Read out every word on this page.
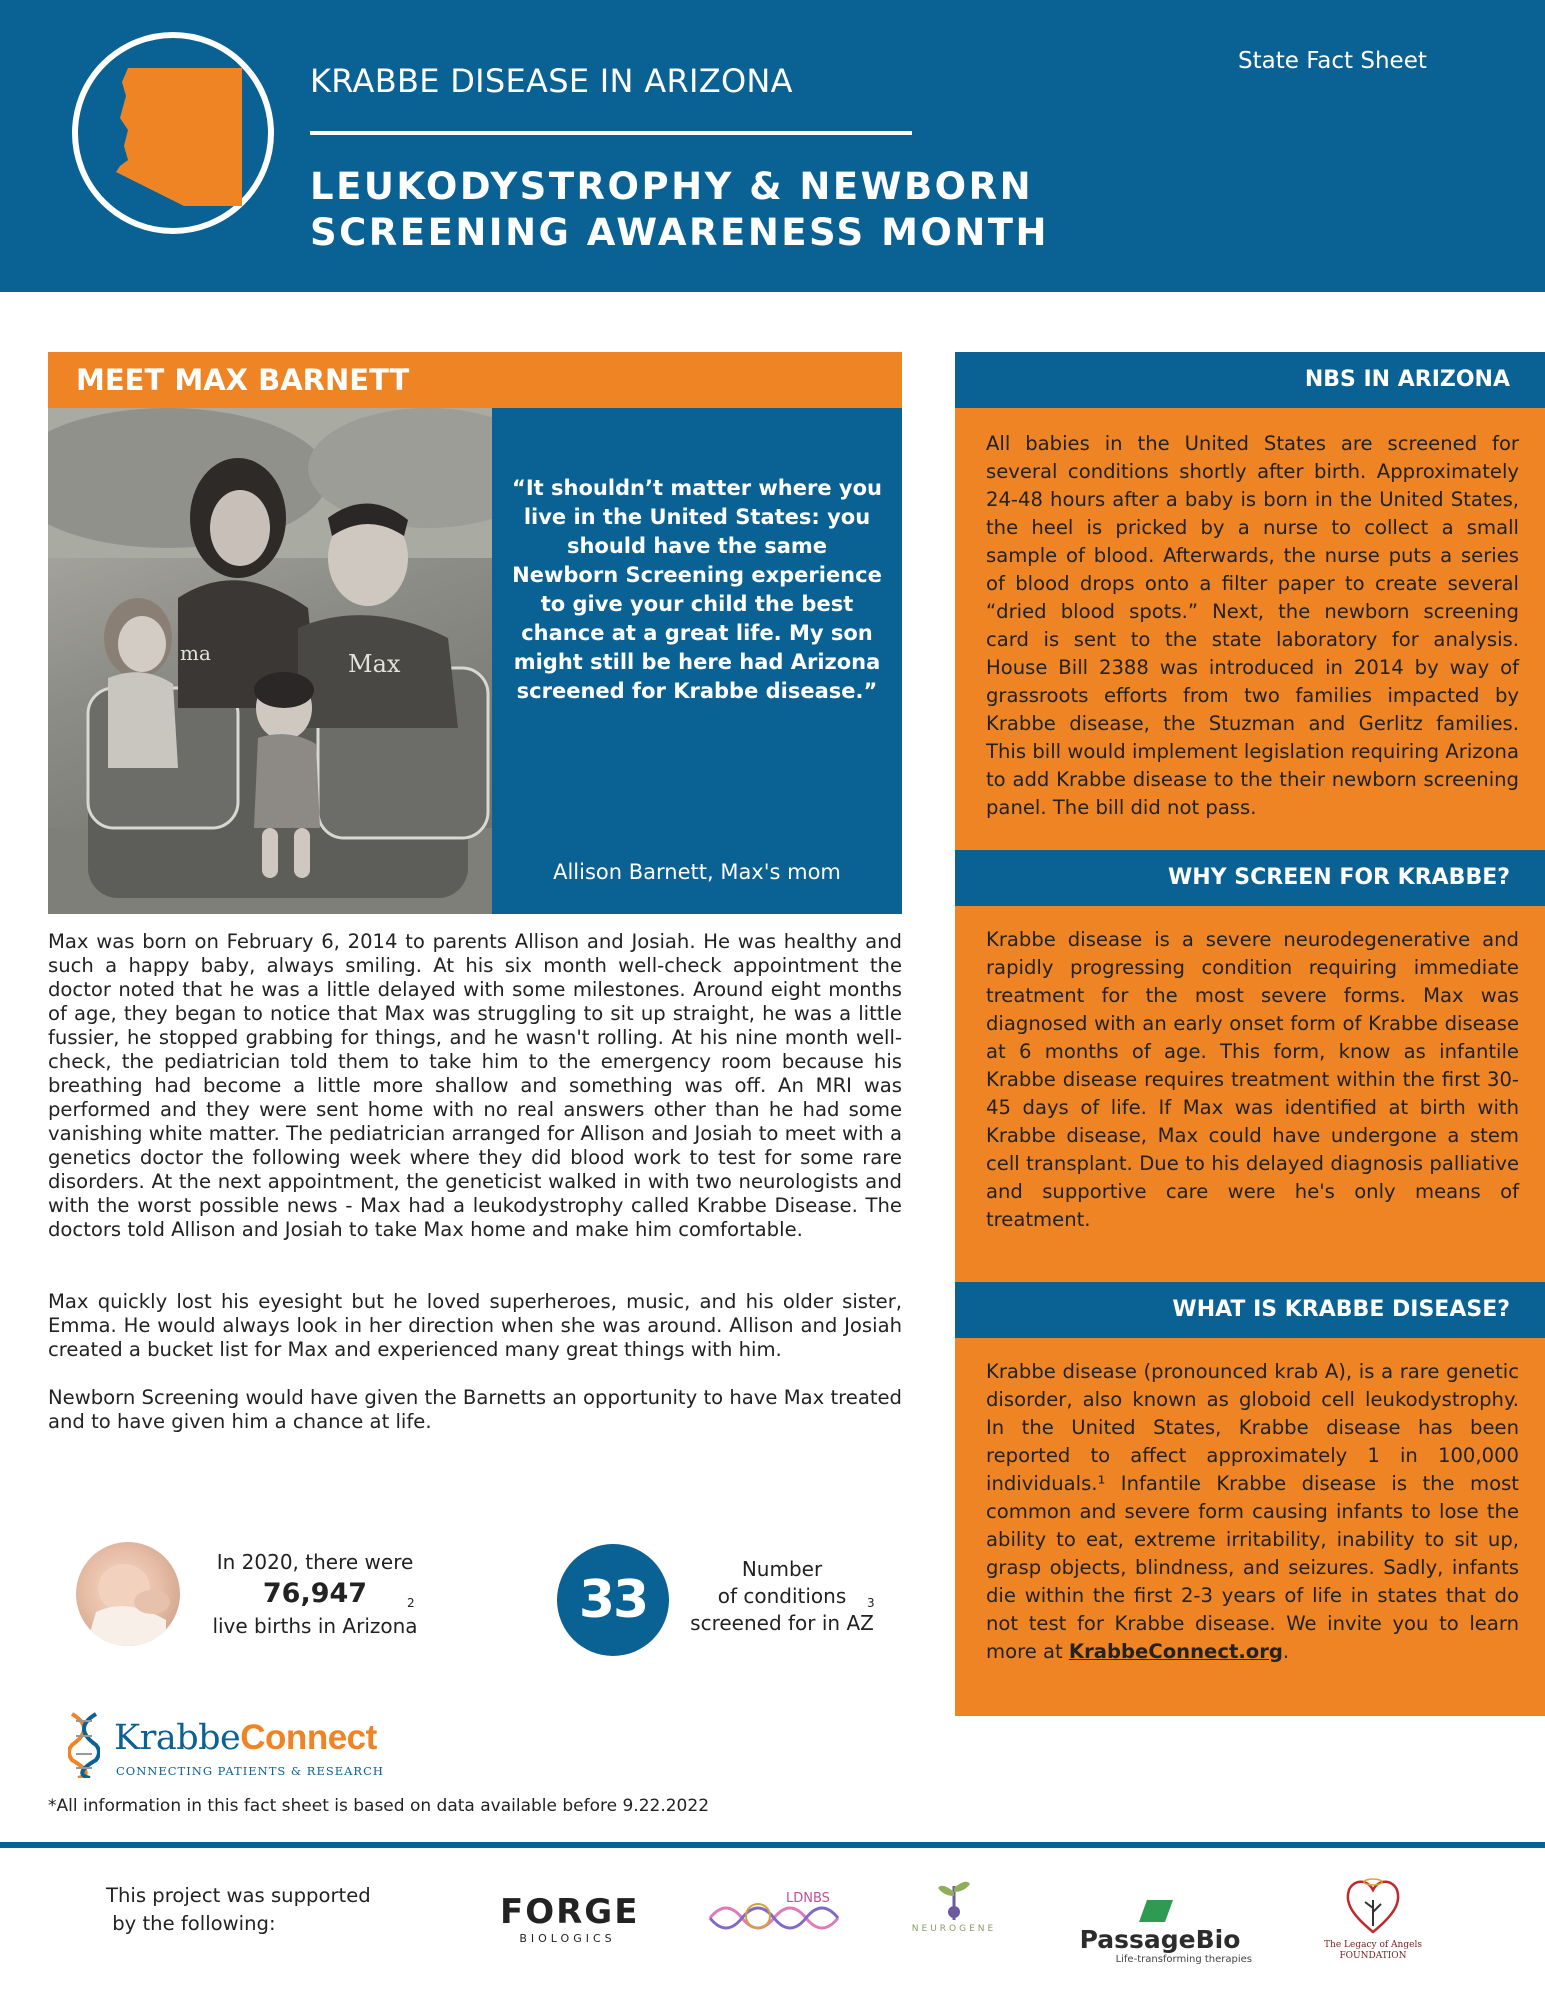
KRABBE DISEASE IN ARIZONA
LEUKODYSTROPHY & NEWBORN
SCREENING AWARENESS MONTH
State Fact Sheet
MEET MAX BARNETT
Max
ma
“It shouldn’t matter where you live in the United States: you should have the same Newborn Screening experience to give your child the best chance at a great life. My son might still be here had Arizona screened for Krabbe disease.”
Allison Barnett, Max's mom
Max was born on February 6, 2014 to parents Allison and Josiah. He was healthy and such a happy baby, always smiling. At his six month well-check appointment the doctor noted that he was a little delayed with some milestones. Around eight months of age, they began to notice that Max was struggling to sit up straight, he was a little fussier, he stopped grabbing for things, and he wasn't rolling. At his nine month well-check, the pediatrician told them to take him to the emergency room because his breathing had become a little more shallow and something was off. An MRI was performed and they were sent home with no real answers other than he had some vanishing white matter. The pediatrician arranged for Allison and Josiah to meet with a genetics doctor the following week where they did blood work to test for some rare disorders. At the next appointment, the geneticist walked in with two neurologists and with the worst possible news - Max had a leukodystrophy called Krabbe Disease. The doctors told Allison and Josiah to take Max home and make him comfortable.
Max quickly lost his eyesight but he loved superheroes, music, and his older sister, Emma. He would always look in her direction when she was around. Allison and Josiah created a bucket list for Max and experienced many great things with him.
Newborn Screening would have given the Barnetts an opportunity to have Max treated and to have given him a chance at life.
In 2020, there were
76,947
live births in Arizona
2	33
Number
of conditions
screened for in AZ
3
KrabbeConnect
CONNECTING PATIENTS & RESEARCH
*All information in this fact sheet is based on data available before 9.22.2022
NBS IN ARIZONA
All babies in the United States are screened for several conditions shortly after birth. Approximately 24-48 hours after a baby is born in the United States, the heel is pricked by a nurse to collect a small sample of blood. Afterwards, the nurse puts a series of blood drops onto a filter paper to create several “dried blood spots.” Next, the newborn screening card is sent to the state laboratory for analysis. House Bill 2388 was introduced in 2014 by way of grassroots efforts from two families impacted by Krabbe disease, the Stuzman and Gerlitz families. This bill would implement legislation requiring Arizona to add Krabbe disease to the their newborn screening panel. The bill did not pass.
WHY SCREEN FOR KRABBE?
Krabbe disease is a severe neurodegenerative and rapidly progressing condition requiring immediate treatment for the most severe forms. Max was diagnosed with an early onset form of Krabbe disease at 6 months of age. This form, know as infantile Krabbe disease requires treatment within the first 30-45 days of life. If Max was identified at birth with Krabbe disease, Max could have undergone a stem cell transplant. Due to his delayed diagnosis palliative and supportive care were he's only means of treatment.
WHAT IS KRABBE DISEASE?
Krabbe disease (pronounced krab A), is a rare genetic disorder, also known as globoid cell leukodystrophy. In the United States, Krabbe disease has been reported to affect approximately 1 in 100,000 individuals.¹ Infantile Krabbe disease is the most common and severe form causing infants to lose the ability to eat, extreme irritability, inability to sit up, grasp objects, blindness, and seizures. Sadly, infants die within the first 2-3 years of life in states that do not test for Krabbe disease. We invite you to learn more at KrabbeConnect.org.
This project was supported
by the following:	FORGE
BIOLOGICS
LDNBS
NEUROGENE	PassageBio
Life-transforming therapies
The Legacy of Angels
FOUNDATION
